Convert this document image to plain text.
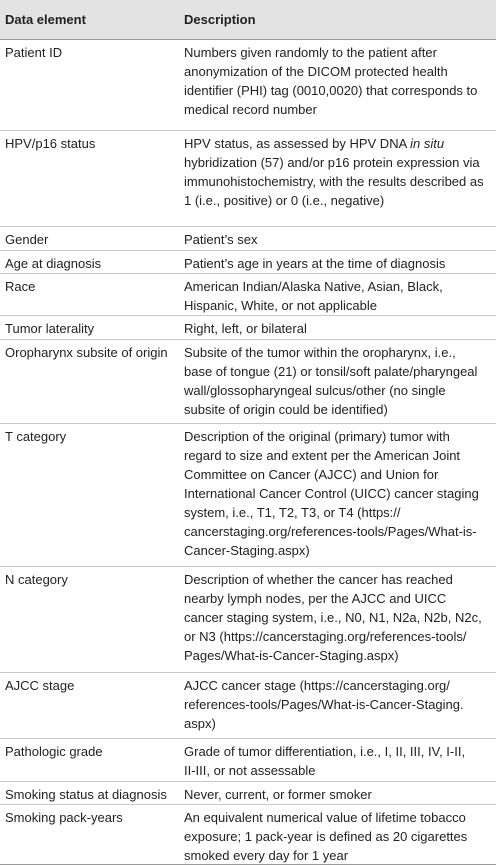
Data element	Description
Patient ID	Numbers given randomly to the patient after
anonymization of the DICOM protected health
identifier (PHI) tag (0010,0020) that corresponds to
medical record number
HPV/p16 status	HPV status, as assessed by HPV DNA in situ
hybridization (57) and/or p16 protein expression via
immunohistochemistry, with the results described as
1 (i.e., positive) or 0 (i.e., negative)
Gender	Patient’s sex
Age at diagnosis	Patient’s age in years at the time of diagnosis
Race	American Indian/Alaska Native, Asian, Black,
Hispanic, White, or not applicable
Tumor laterality	Right, left, or bilateral
Oropharynx subsite of origin	Subsite of the tumor within the oropharynx, i.e.,
base of tongue (21) or tonsil/soft palate/pharyngeal
wall/glossopharyngeal sulcus/other (no single
subsite of origin could be identified)
T category	Description of the original (primary) tumor with
regard to size and extent per the American Joint
Committee on Cancer (AJCC) and Union for
International Cancer Control (UICC) cancer staging
system, i.e., T1, T2, T3, or T4 (https://
cancerstaging.org/references-tools/Pages/What-is-
Cancer-Staging.aspx)
N category	Description of whether the cancer has reached
nearby lymph nodes, per the AJCC and UICC
cancer staging system, i.e., N0, N1, N2a, N2b, N2c,
or N3 (https://cancerstaging.org/references-tools/
Pages/What-is-Cancer-Staging.aspx)
AJCC stage	AJCC cancer stage (https://cancerstaging.org/
references-tools/Pages/What-is-Cancer-Staging.
aspx)
Pathologic grade	Grade of tumor differentiation, i.e., I, II, III, IV, I-II,
II-III, or not assessable
Smoking status at diagnosis	Never, current, or former smoker
Smoking pack-years	An equivalent numerical value of lifetime tobacco
exposure; 1 pack-year is defined as 20 cigarettes
smoked every day for 1 year
